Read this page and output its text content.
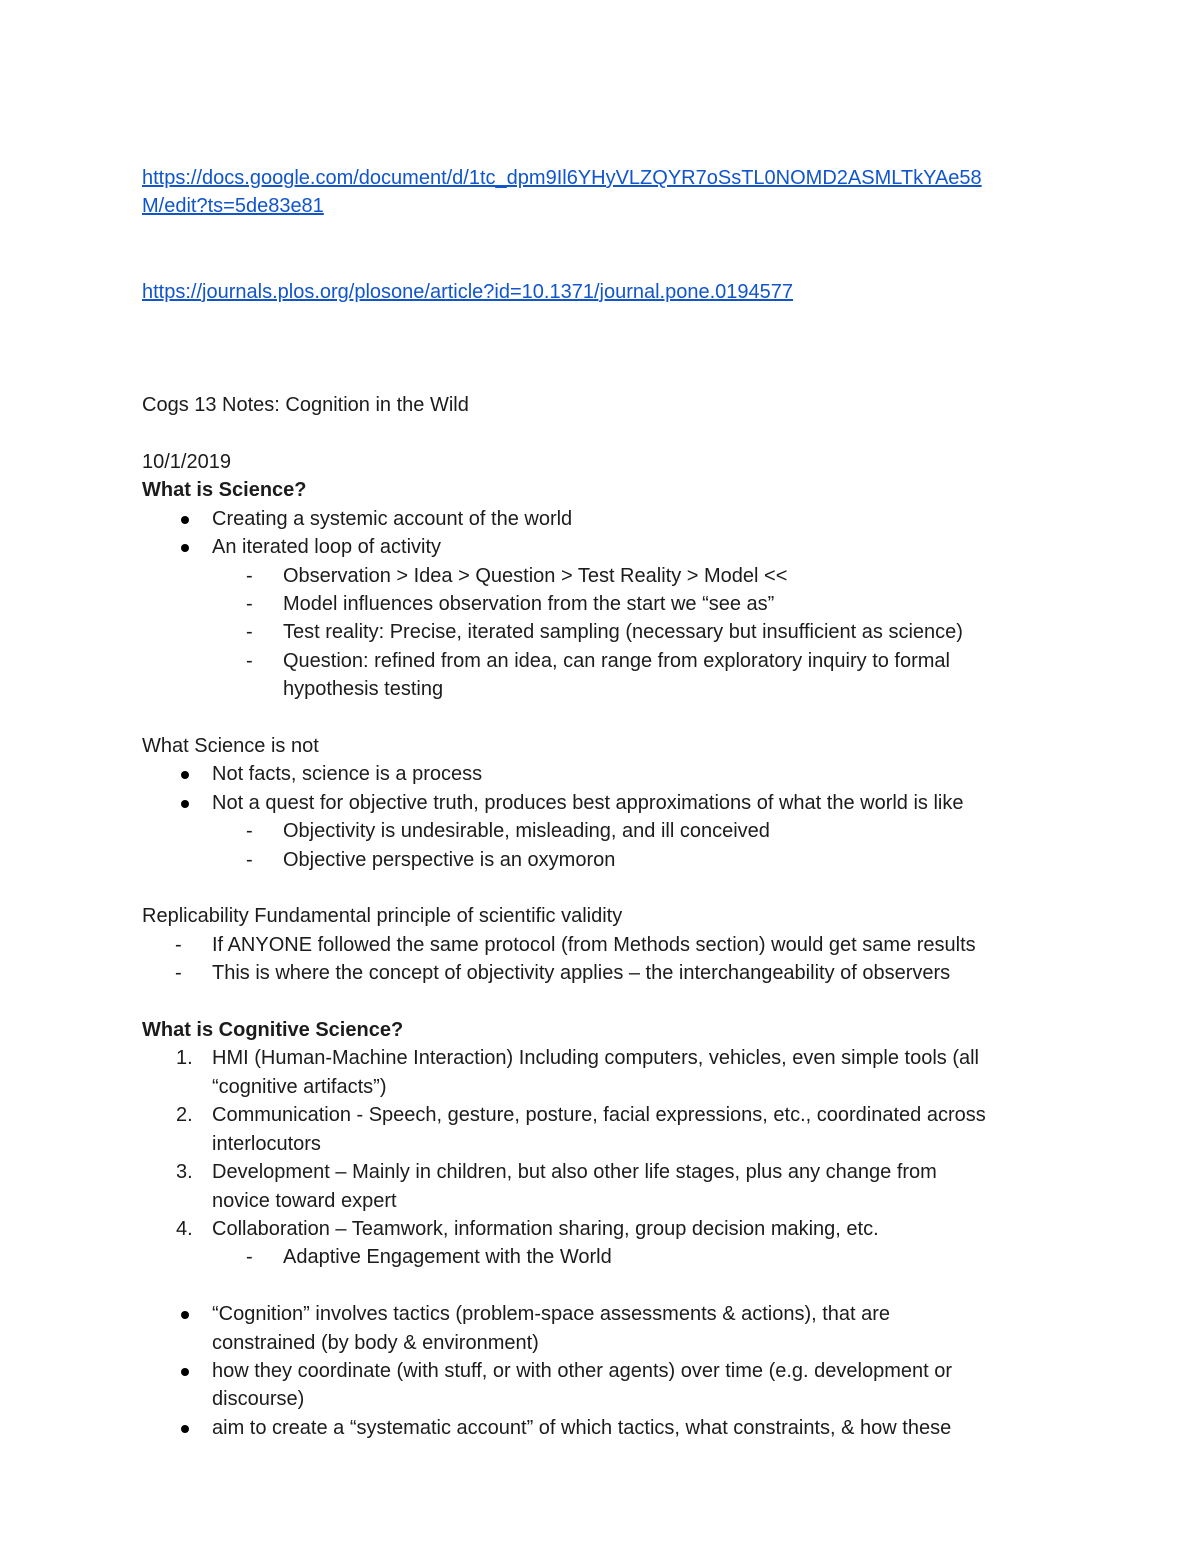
https://docs.google.com/document/d/1tc_dpm9Il6YHyVLZQYR7oSsTL0NOMD2ASMLTkYAe58
M/edit?ts=5de83e81
https://journals.plos.org/plosone/article?id=10.1371/journal.pone.0194577
Cogs 13 Notes: Cognition in the Wild
10/1/2019
What is Science?
Creating a systemic account of the world
An iterated loop of activity
- Observation > Idea > Question > Test Reality > Model <<
- Model influences observation from the start we “see as”
- Test reality: Precise, iterated sampling (necessary but insufficient as science)
- Question: refined from an idea, can range from exploratory inquiry to formal
hypothesis testing
What Science is not
Not facts, science is a process
Not a quest for objective truth, produces best approximations of what the world is like
- Objectivity is undesirable, misleading, and ill conceived
- Objective perspective is an oxymoron
Replicability Fundamental principle of scientific validity
- If ANYONE followed the same protocol (from Methods section) would get same results
- This is where the concept of objectivity applies – the interchangeability of observers
What is Cognitive Science?
1. HMI (Human-Machine Interaction) Including computers, vehicles, even simple tools (all
“cognitive artifacts”)
2. Communication - Speech, gesture, posture, facial expressions, etc., coordinated across
interlocutors
3. Development – Mainly in children, but also other life stages, plus any change from
novice toward expert
4. Collaboration – Teamwork, information sharing, group decision making, etc.
- Adaptive Engagement with the World
“Cognition” involves tactics (problem-space assessments & actions), that are
constrained (by body & environment)
how they coordinate (with stuff, or with other agents) over time (e.g. development or
discourse)
aim to create a “systematic account” of which tactics, what constraints, & how these
